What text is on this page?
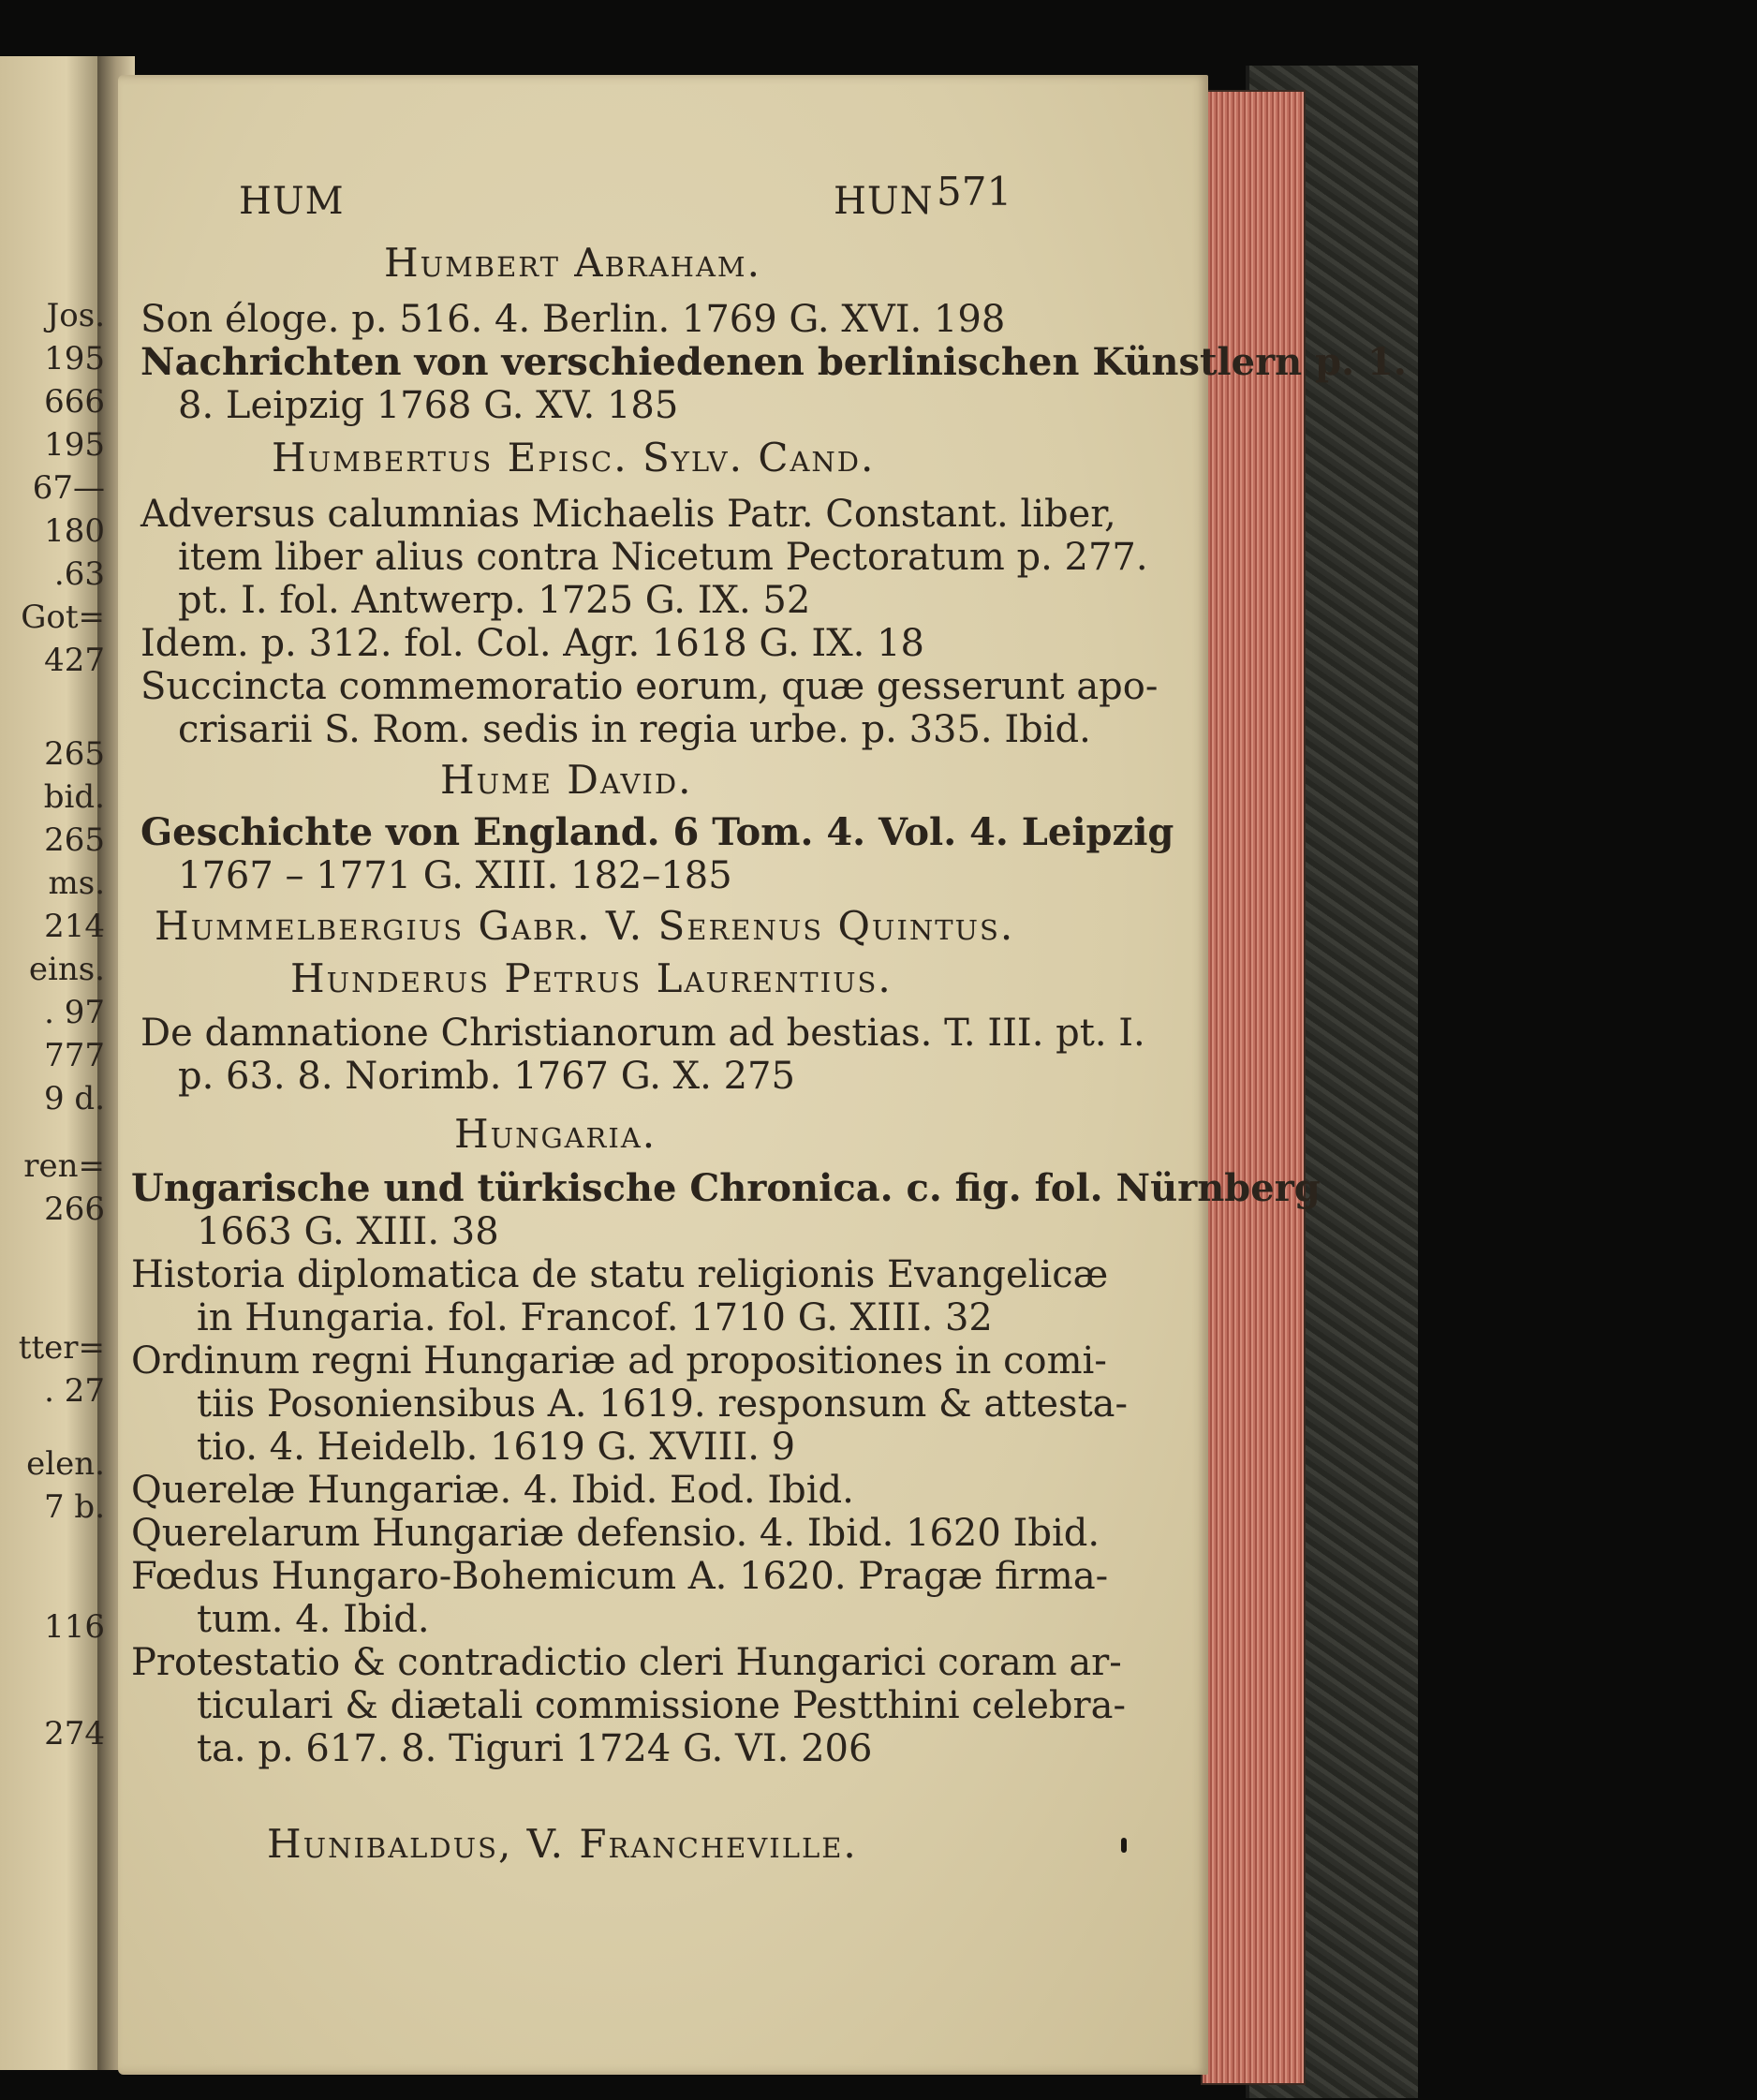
Jos.
195
666
195
67—
180
.63
Got=
427
265
bid.
265
ms.
214
eins.
. 97
777
9 d.
ren=
266
tter=
. 27
elen.
7 b.
116
274
HUM	HUN 571
Humbert Abraham.
Son éloge. p. 516. 4. Berlin. 1769 G. XVI. 198
Nachrichten von verschiedenen berlinischen Künstlern p. 1.
8. Leipzig 1768 G. XV. 185
Humbertus Episc. Sylv. Cand.
Adversus calumnias Michaelis Patr. Constant. liber,
item liber alius contra Nicetum Pectoratum p. 277.
pt. I. fol. Antwerp. 1725 G. IX. 52
Idem. p. 312. fol. Col. Agr. 1618 G. IX. 18
Succincta commemoratio eorum, quæ gesserunt apo-
crisarii S. Rom. sedis in regia urbe. p. 335. Ibid.
Hume David.
Geschichte von England. 6 Tom. 4. Vol. 4. Leipzig
1767 – 1771 G. XIII. 182–185
Hummelbergius Gabr. V. Serenus Quintus.
Hunderus Petrus Laurentius.
De damnatione Christianorum ad bestias. T. III. pt. I.
p. 63. 8. Norimb. 1767 G. X. 275
Hungaria.
Ungarische und türkische Chronica. c. fig. fol. Nürnberg
1663 G. XIII. 38
Historia diplomatica de statu religionis Evangelicæ
in Hungaria. fol. Francof. 1710 G. XIII. 32
Ordinum regni Hungariæ ad propositiones in comi-
tiis Posoniensibus A. 1619. responsum & attesta-
tio. 4. Heidelb. 1619 G. XVIII. 9
Querelæ Hungariæ. 4. Ibid. Eod. Ibid.
Querelarum Hungariæ defensio. 4. Ibid. 1620 Ibid.
Fœdus Hungaro-Bohemicum A. 1620. Pragæ firma-
tum. 4. Ibid.
Protestatio & contradictio cleri Hungarici coram ar-
ticulari & diætali commissione Pestthini celebra-
ta. p. 617. 8. Tiguri 1724 G. VI. 206
Hunibaldus, V. Francheville.
